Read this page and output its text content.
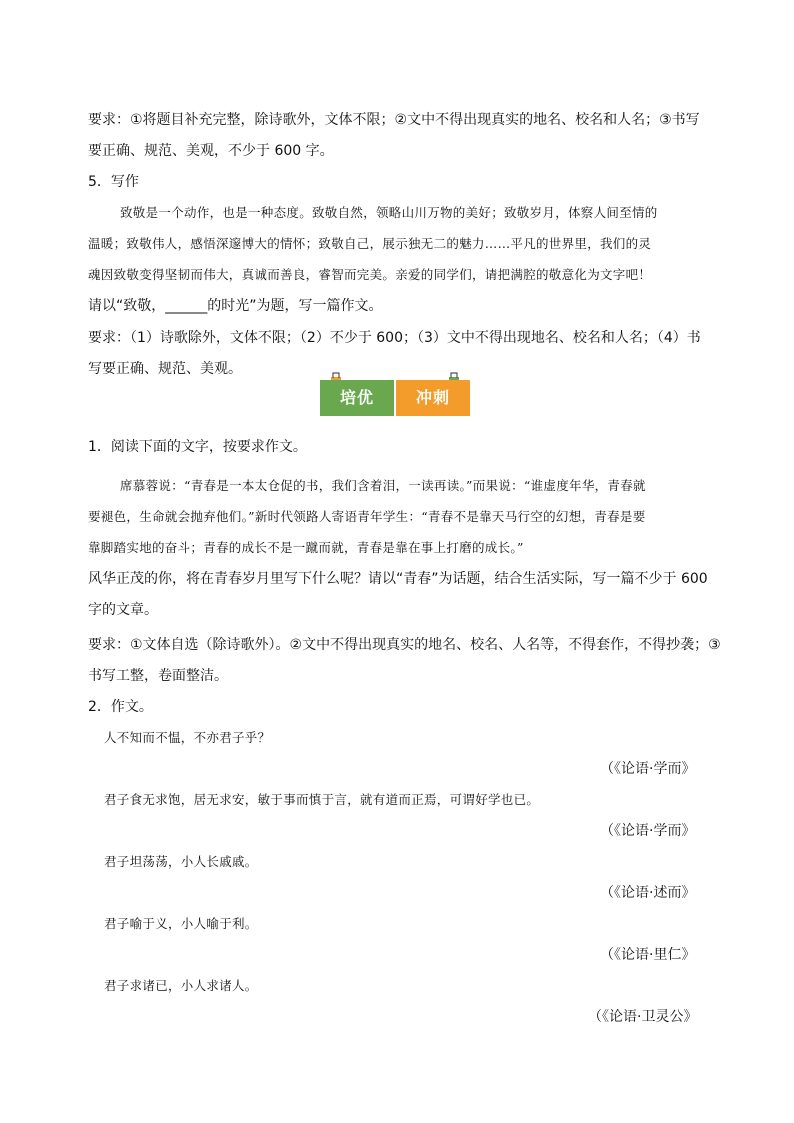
要求：①将题目补充完整，除诗歌外，文体不限；②文中不得出现真实的地名、校名和人名；③书写
要正确、规范、美观，不少于 600 字。
5．写作
致敬是一个动作，也是一种态度。致敬自然，领略山川万物的美好；致敬岁月，体察人间至情的
温暖；致敬伟人，感悟深邃博大的情怀；致敬自己，展示独无二的魅力……平凡的世界里，我们的灵
魂因致敬变得坚韧而伟大，真诚而善良，睿智而完美。亲爱的同学们，请把满腔的敬意化为文字吧！
请以“致敬，______的时光”为题，写一篇作文。
要求：（1）诗歌除外，文体不限；（2）不少于 600；（3）文中不得出现地名、校名和人名；（4）书
写要正确、规范、美观。
培优	冲刺
1．阅读下面的文字，按要求作文。
席慕蓉说：“青春是一本太仓促的书，我们含着泪，一读再读。”而果说：“谁虚度年华，青春就
要褪色，生命就会抛弃他们。”新时代领路人寄语青年学生：“青春不是靠天马行空的幻想，青春是要
靠脚踏实地的奋斗；青春的成长不是一蹴而就，青春是靠在事上打磨的成长。”
风华正茂的你，将在青春岁月里写下什么呢？请以“青春”为话题，结合生活实际，写一篇不少于 600
字的文章。
要求：①文体自选（除诗歌外）。②文中不得出现真实的地名、校名、人名等，不得套作，不得抄袭；③
书写工整，卷面整洁。
2．作文。
人不知而不愠，不亦君子乎？
（《论语·学而》
君子食无求饱，居无求安，敏于事而慎于言，就有道而正焉，可谓好学也已。
（《论语·学而》
君子坦荡荡，小人长戚戚。
（《论语·述而》
君子喻于义，小人喻于利。
（《论语·里仁》
君子求诸已，小人求诸人。
（《论语·卫灵公》
